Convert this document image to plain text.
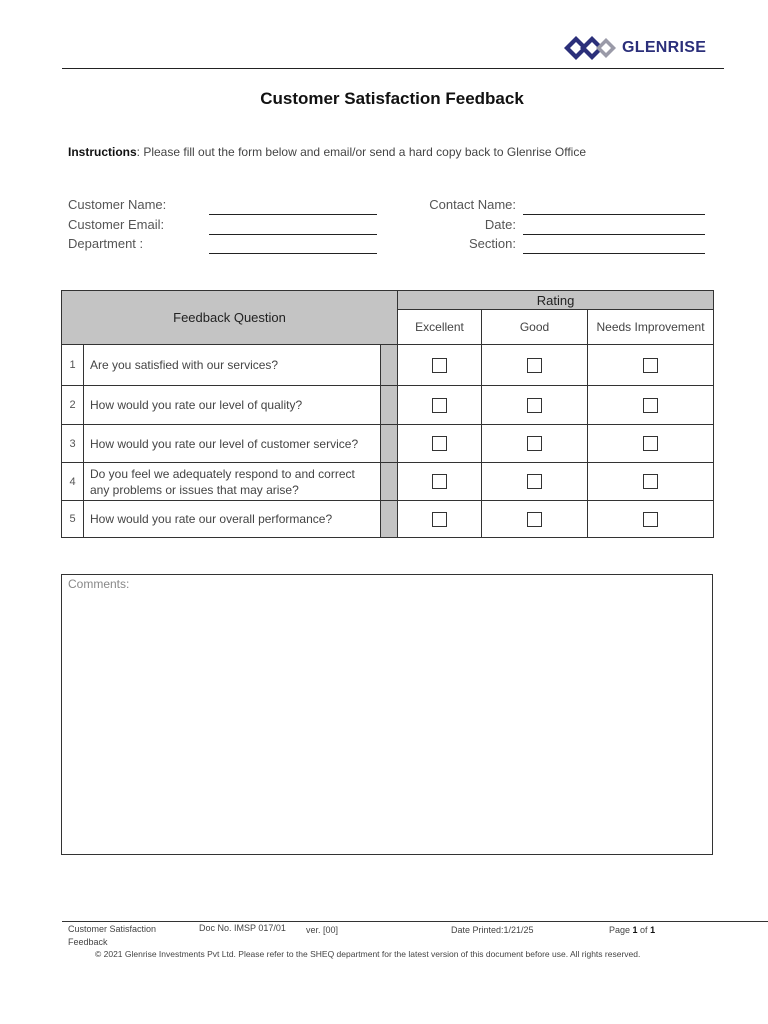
GLENRISE
Customer Satisfaction Feedback
Instructions: Please fill out the form below and email/or send a hard copy back to Glenrise Office
Customer Name:
Customer Email:
Department :
Contact Name:
Date:
Section:
Feedback Question			Rating		
			Excellent	Good	Needs Improvement
1	Are you satisfied with our services?				
2	How would you rate our level of quality?				
3	How would you rate our level of customer service?				
4	Do you feel we adequately respond to and correct any problems or issues that may arise?				
5	How would you rate our overall performance?				
Comments:
Customer Satisfaction Feedback
Doc No. IMSP 017/01 ver. [00]	Date Printed:1/21/25	Page 1 of 1
© 2021 Glenrise Investments Pvt Ltd. Please refer to the SHEQ department for the latest version of this document before use. All rights reserved.
